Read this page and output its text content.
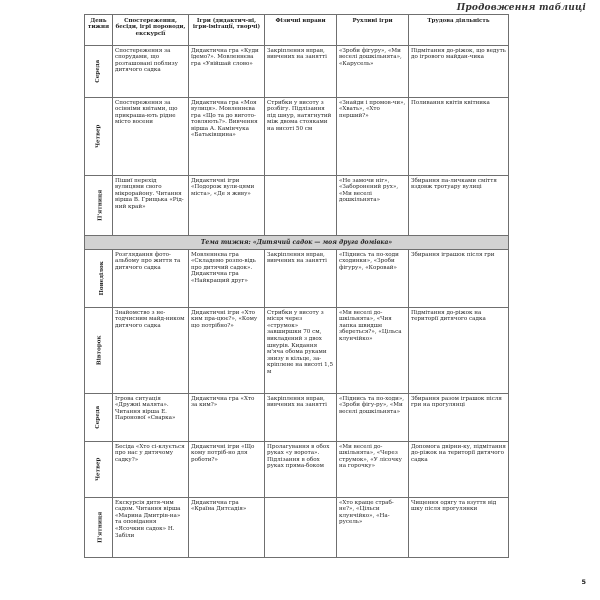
Продовження таблиці
День тижня	Спостереження, бесіди, ігрі пороводи, екскурсії	Ігри (дидактич-ні, ігри-імітації, творчі)	Фізичні вправи	Рухливі ігри	Трудова діяльність
Середа	Спостереження за спорудами, що розташовані поблизу дитячого садка	Дидактична гра «Куди їдемо?». Мовленнєва гра «Увійшай слово»	Закріплення вправ, вивчених на занятті	«Зроби фігуру», «Ми веселі дошкільнята», «Карусель»	Підмітання до-ріжок, що ведуть до ігрового майдан-чика
Четвер	Спостереження за осінніми квітами, що прикраша-ють рідне місто восени	Дидактична гра «Моя вулиця». Мовленнєва гра «Що та до вигото-товляють?». Вивчення вірша А. Камінчука «Батьківщина»	Стрибки у висоту з розбігу. Підлізання під шнур, натягнутий між двома стояками на висоті 50 см	«Знайди і промов-чи», «Хвать», «Хто перший?»	Поливання квітів квітника
П'ятниця	Пішиї перехід вулицями свого мікрорайону. Читання вірша В. Грищька «Рід-ний край»	Дидактичні ігри «Подорож вули-цями міста», «Де я живу»		«Не замочи ніг», «Заборонений рух», «Ми веселі дошкільнята»	Збирання па-личками сміття вздовж тротуару вулиці
Тема тижня: «Дитячий садок — моя друга домівка»					
Понеділок	Розглядання фото-альбому про життя та дитячого садка	Мовленнєва гра «Складемо розпо-відь про дитячий садок». Дидактична гра «Найкращий друг»	Закріплення вправ, вивчених на занятті	«Піднись та по-ходи сходинки», «Зроби фігуру», «Коровай»	Збирання іграшок після гри
Вівторок	Знайомство з не-тодчисним майд-ником дитячого садка	Дидактичні ігри «Хто ким пра-цює?», «Кому що потрібно?»	Стрибки у висоту з місця через «струмок» завширшки 70 см, викладений з двох шнурів. Кидання м'яча обома руками знизу в кільце, за-кріплене на висоті 1,5 м	«Ми веселі до-шкільнята», «Чия лапка швидше збереться?», «Цільса клунчійко»	Підмітання до-ріжок на території дитячого садка
Середа	Ігрова ситуація «Дружні малята». Читання вірша Е. Паронової «Сварка»	Дидактична гра «Хто за ким?»	Закріплення вправ, вивчених на занятті	«Піднись та по-ходи», «Зроби фігу-ру», «Ми веселі дошкільнята»	Збирання разом іграшок після гри на прогулянці
Четвер	Бесіда «Хто сі-клується про нас у дитячому садку?»	Дидактичні ігри «Що кому потріб-но для роботи?»	Пролагування в обох руках «у ворота». Підлізання в обох руках пряма-боком	«Ми веселі до-шкільнята», «Через струмок», «У лісочку на горочку»	Допомога двірни-ку, підмітання до-ріжок на території дитячого садка
П'ятниця	Екскурсія дитя-чим садом. Читання вірша «Марина Дмитрів-на» та оповідання «Ясочкин садок» Н. Забіли	Дидактична гра «Країна Дитсадія»		«Хто краще страб-не?», «Цільси клунчійко», «На-русель»	Чищення одягу та взуття від шку після прогулянки
5
